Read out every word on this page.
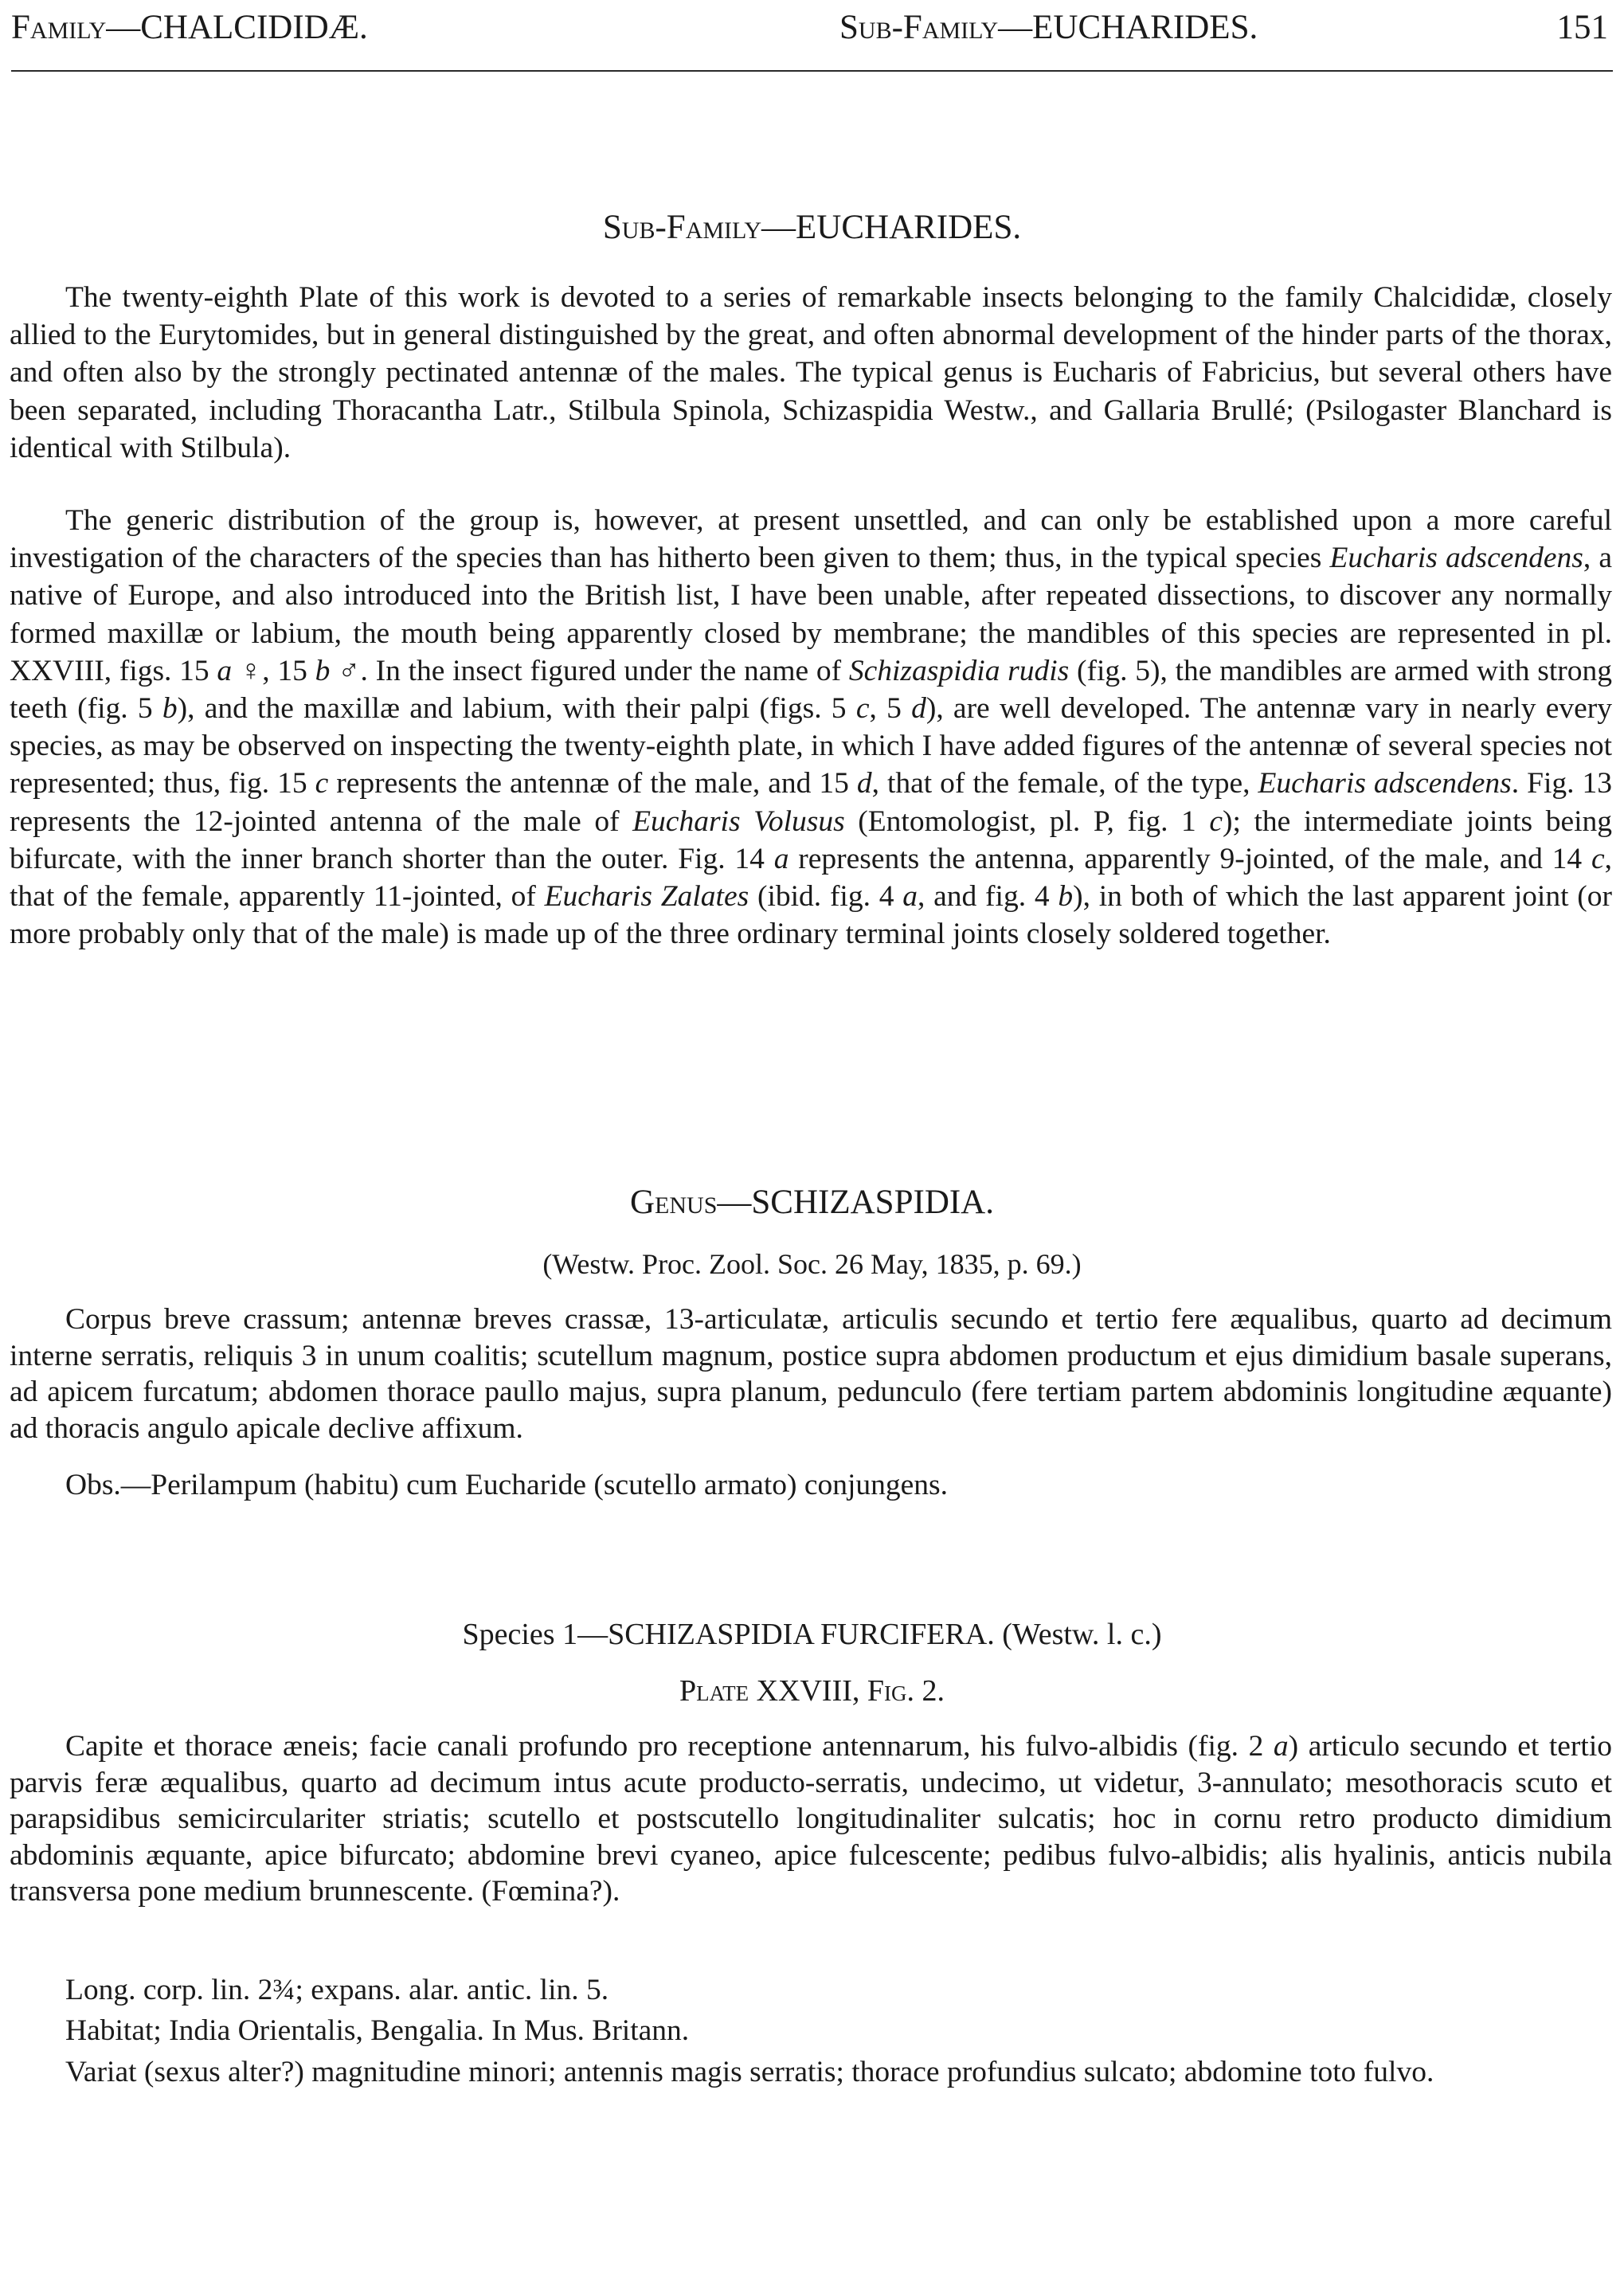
Family—CHALCIDIDÆ.	Sub-Family—EUCHARIDES.	151
Sub-Family—EUCHARIDES.

The twenty-eighth Plate of this work is devoted to a series of remarkable insects belonging to the family Chalcididæ, closely allied to the Eurytomides, but in general distinguished by the great, and often abnormal development of the hinder parts of the thorax, and often also by the strongly pectinated antennæ of the males. The typical genus is Eucharis of Fabricius, but several others have been separated, including Thoracantha Latr., Stilbula Spinola, Schizaspidia Westw., and Gallaria Brullé; (Psilogaster Blanchard is identical with Stilbula).

The generic distribution of the group is, however, at present unsettled, and can only be established upon a more careful investigation of the characters of the species than has hitherto been given to them; thus, in the typical species Eucharis adscendens, a native of Europe, and also introduced into the British list, I have been unable, after repeated dissections, to discover any normally formed maxillæ or labium, the mouth being apparently closed by membrane; the mandibles of this species are represented in pl. XXVIII, figs. 15 a ♀, 15 b ♂. In the insect figured under the name of Schizaspidia rudis (fig. 5), the mandibles are armed with strong teeth (fig. 5 b), and the maxillæ and labium, with their palpi (figs. 5 c, 5 d), are well developed. The antennæ vary in nearly every species, as may be observed on inspecting the twenty-eighth plate, in which I have added figures of the antennæ of several species not represented; thus, fig. 15 c represents the antennæ of the male, and 15 d, that of the female, of the type, Eucharis adscendens. Fig. 13 represents the 12-jointed antenna of the male of Eucharis Volusus (Entomologist, pl. P, fig. 1 c); the intermediate joints being bifurcate, with the inner branch shorter than the outer. Fig. 14 a represents the antenna, apparently 9-jointed, of the male, and 14 c, that of the female, apparently 11-jointed, of Eucharis Zalates (ibid. fig. 4 a, and fig. 4 b), in both of which the last apparent joint (or more probably only that of the male) is made up of the three ordinary terminal joints closely soldered together.

Genus—SCHIZASPIDIA.
(Westw. Proc. Zool. Soc. 26 May, 1835, p. 69.)

Corpus breve crassum; antennæ breves crassæ, 13-articulatæ, articulis secundo et tertio fere æqualibus, quarto ad decimum interne serratis, reliquis 3 in unum coalitis; scutellum magnum, postice supra abdomen productum et ejus dimidium basale superans, ad apicem furcatum; abdomen thorace paullo majus, supra planum, pedunculo (fere tertiam partem abdominis longitudine æquante) ad thoracis angulo apicale declive affixum.

Obs.—Perilampum (habitu) cum Eucharide (scutello armato) conjungens.

Species 1—SCHIZASPIDIA FURCIFERA. (Westw. l. c.)
Plate XXVIII, Fig. 2.

Capite et thorace æneis; facie canali profundo pro receptione antennarum, his fulvo-albidis (fig. 2 a) articulo secundo et tertio parvis feræ æqualibus, quarto ad decimum intus acute producto-serratis, undecimo, ut videtur, 3-annulato; mesothoracis scuto et parapsidibus semicirculariter striatis; scutello et postscutello longitudinaliter sulcatis; hoc in cornu retro producto dimidium abdominis æquante, apice bifurcato; abdomine brevi cyaneo, apice fulcescente; pedibus fulvo-albidis; alis hyalinis, anticis nubila transversa pone medium brunnescente. (Fœmina?).

Long. corp. lin. 2¾; expans. alar. antic. lin. 5.

Habitat; India Orientalis, Bengalia. In Mus. Britann.

Variat (sexus alter?) magnitudine minori; antennis magis serratis; thorace profundius sulcato; abdomine toto fulvo.
